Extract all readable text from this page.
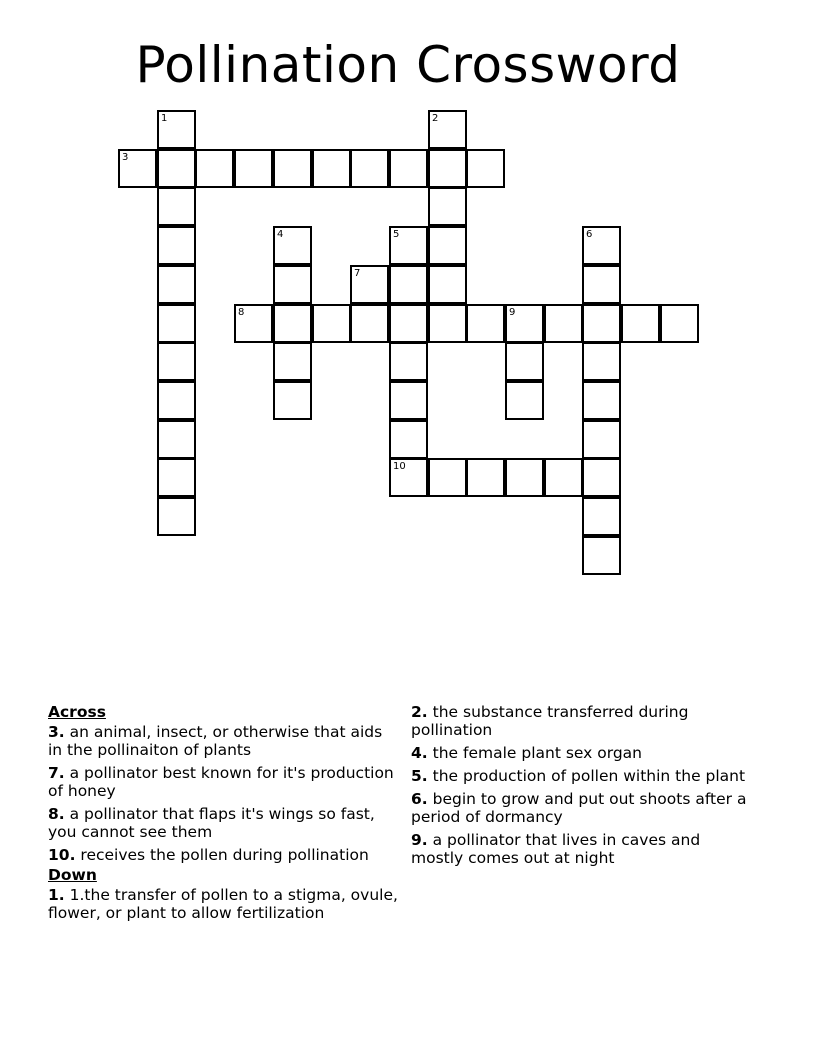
Pollination Crossword
3
8	9
10
1	2
4	5	6
7
Across
3. an animal, insect, or otherwise that aids in the pollinaiton of plants
7. a pollinator best known for it's production of honey
8. a pollinator that flaps it's wings so fast, you cannot see them
10. receives the pollen during pollination
Down
1. 1.the transfer of pollen to a stigma, ovule, flower, or plant to allow fertilization
2. the substance transferred during pollination
4. the female plant sex organ
5. the production of pollen within the plant
6. begin to grow and put out shoots after a period of dormancy
9. a pollinator that lives in caves and mostly comes out at night
